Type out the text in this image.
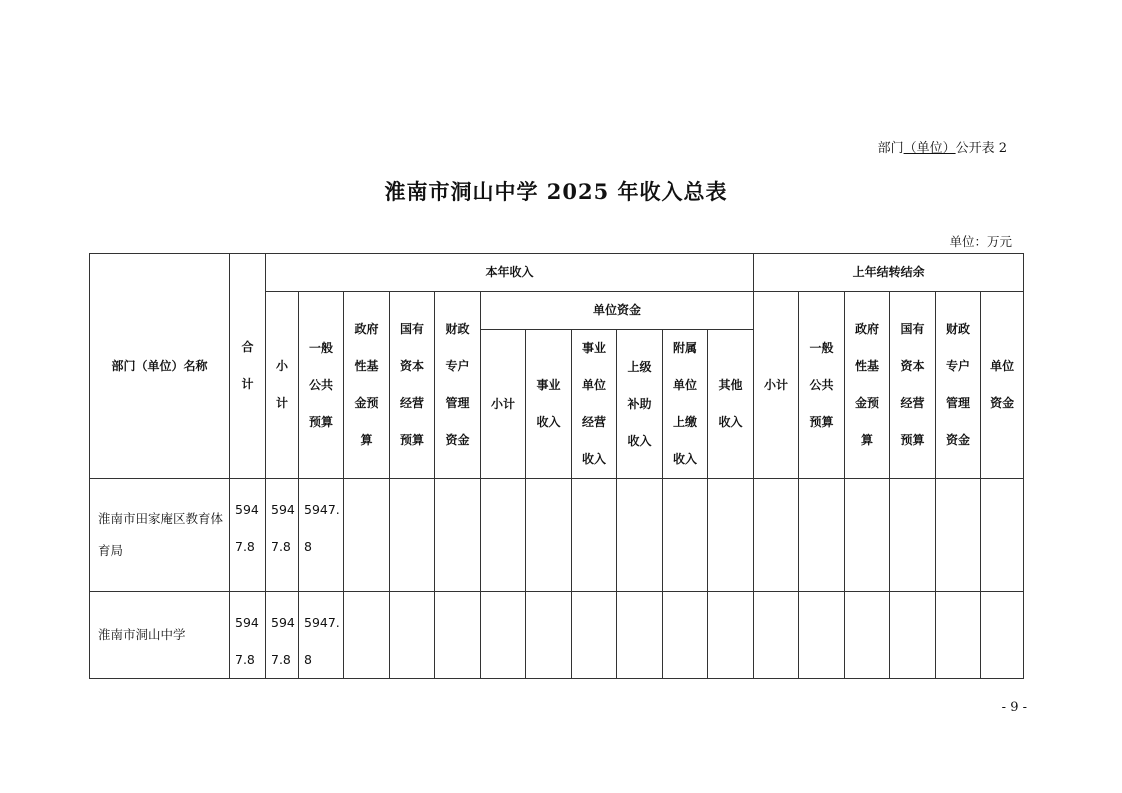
部门（单位）公开表 2
淮南市洞山中学 2025 年收入总表
单位：万元
部门（单位）名称	合计	本年收入											上年结转结余					
		小计	一般公共预算	政府性基金预算	国有资本经营预算	财政专户管理资金	单位资金						小计	一般公共预算	政府性基金预算	国有资本经营预算	财政专户管理资金	单位资金
							小计	事业收入	事业单位经营收入	上级补助收入	附属单位上缴收入	其他收入						
淮南市田家庵区教育体育局	5947.8	5947.8	5947.8															
淮南市洞山中学	5947.8	5947.8	5947.8															
- 9 -
